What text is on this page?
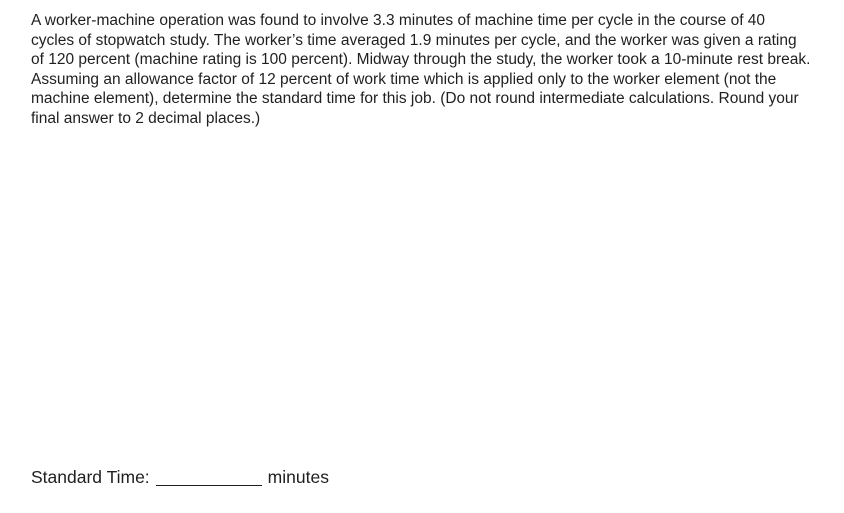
A worker-machine operation was found to involve 3.3 minutes of machine time per cycle in the course of 40 cycles of stopwatch study. The worker’s time averaged 1.9 minutes per cycle, and the worker was given a rating of 120 percent (machine rating is 100 percent). Midway through the study, the worker took a 10-minute rest break. Assuming an allowance factor of 12 percent of work time which is applied only to the worker element (not the machine element), determine the standard time for this job. (Do not round intermediate calculations. Round your final answer to 2 decimal places.)

Standard Time:	minutes
